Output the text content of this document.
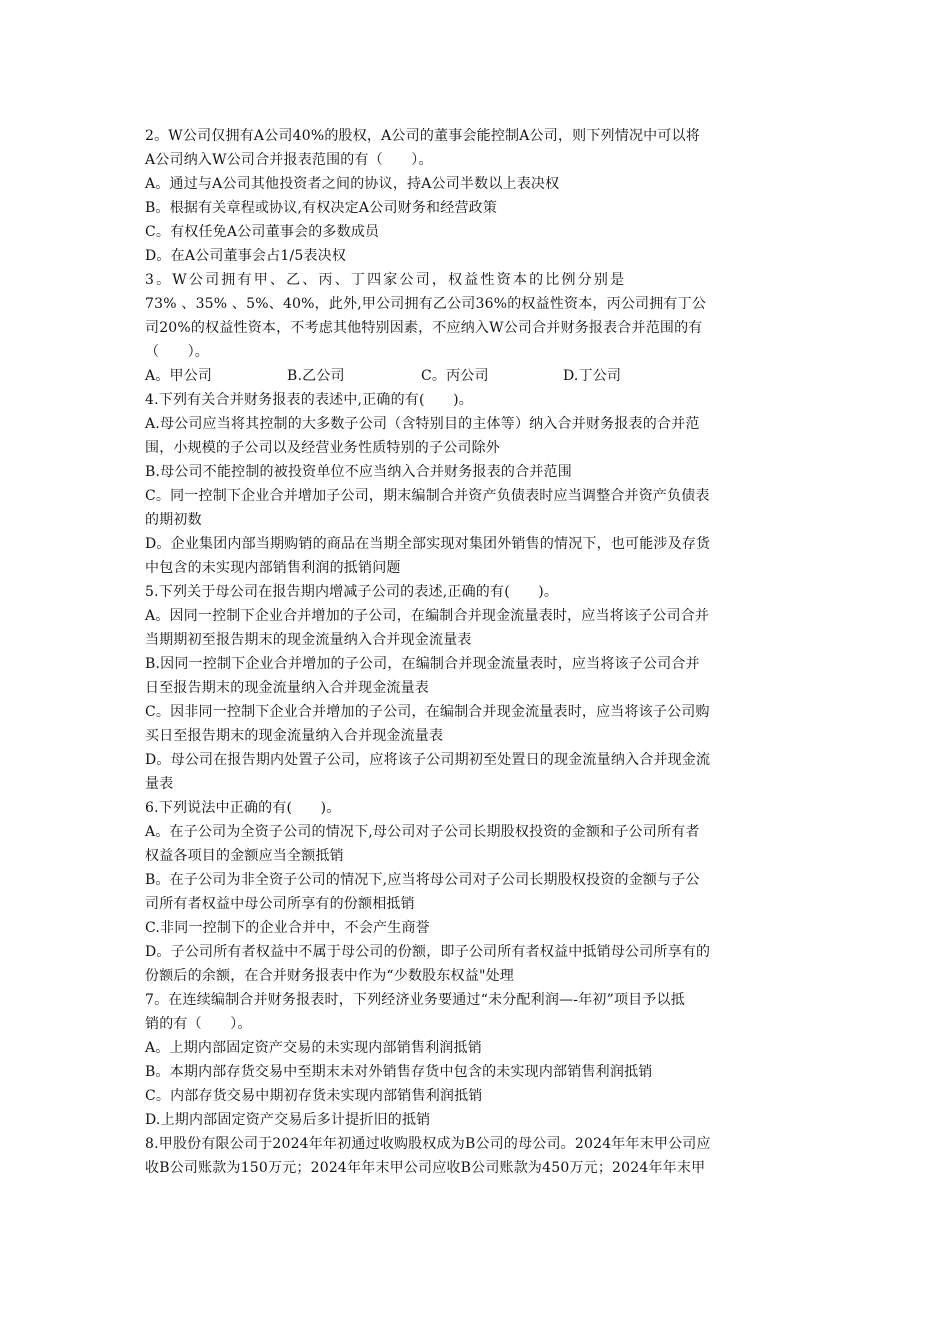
2。W公司仅拥有A公司40%的股权，A公司的董事会能控制A公司，则下列情况中可以将
A公司纳入W公司合并报表范围的有（　　）。
A。通过与A公司其他投资者之间的协议，持A公司半数以上表决权
B。根据有关章程或协议,有权决定A公司财务和经营政策
C。有权任免A公司董事会的多数成员
D。在A公司董事会占1/5表决权
3。W公司拥有甲、乙、丙、丁四家公司，权益性资本的比例分别是
73% 、35% 、5%、40%，此外,甲公司拥有乙公司36%的权益性资本，丙公司拥有丁公
司20%的权益性资本，不考虑其他特别因素，不应纳入W公司合并财务报表合并范围的有
（　　）。
A。甲公司	B.乙公司	C。丙公司	D.丁公司
4.下列有关合并财务报表的表述中,正确的有(　　)。
A.母公司应当将其控制的大多数子公司（含特别目的主体等）纳入合并财务报表的合并范
围，小规模的子公司以及经营业务性质特别的子公司除外
B.母公司不能控制的被投资单位不应当纳入合并财务报表的合并范围
C。同一控制下企业合并增加子公司，期末编制合并资产负债表时应当调整合并资产负债表
的期初数
D。企业集团内部当期购销的商品在当期全部实现对集团外销售的情况下，也可能涉及存货
中包含的未实现内部销售利润的抵销问题
5.下列关于母公司在报告期内增减子公司的表述,正确的有(　　)。
A。因同一控制下企业合并增加的子公司，在编制合并现金流量表时，应当将该子公司合并
当期期初至报告期末的现金流量纳入合并现金流量表
B.因同一控制下企业合并增加的子公司，在编制合并现金流量表时，应当将该子公司合并
日至报告期末的现金流量纳入合并现金流量表
C。因非同一控制下企业合并增加的子公司，在编制合并现金流量表时，应当将该子公司购
买日至报告期末的现金流量纳入合并现金流量表
D。母公司在报告期内处置子公司，应将该子公司期初至处置日的现金流量纳入合并现金流
量表
6.下列说法中正确的有(　　)。
A。在子公司为全资子公司的情况下,母公司对子公司长期股权投资的金额和子公司所有者
权益各项目的金额应当全额抵销
B。在子公司为非全资子公司的情况下,应当将母公司对子公司长期股权投资的金额与子公
司所有者权益中母公司所享有的份额相抵销
C.非同一控制下的企业合并中，不会产生商誉
D。子公司所有者权益中不属于母公司的份额，即子公司所有者权益中抵销母公司所享有的
份额后的余额，在合并财务报表中作为“少数股东权益"处理
7。在连续编制合并财务报表时，下列经济业务要通过“未分配利润—-年初”项目予以抵
销的有（　　）。
A。上期内部固定资产交易的未实现内部销售利润抵销
B。本期内部存货交易中至期末未对外销售存货中包含的未实现内部销售利润抵销
C。内部存货交易中期初存货未实现内部销售利润抵销
D.上期内部固定资产交易后多计提折旧的抵销
8.甲股份有限公司于2024年年初通过收购股权成为B公司的母公司。2024年年末甲公司应
收B公司账款为150万元；2024年年末甲公司应收B公司账款为450万元；2024年年末甲
